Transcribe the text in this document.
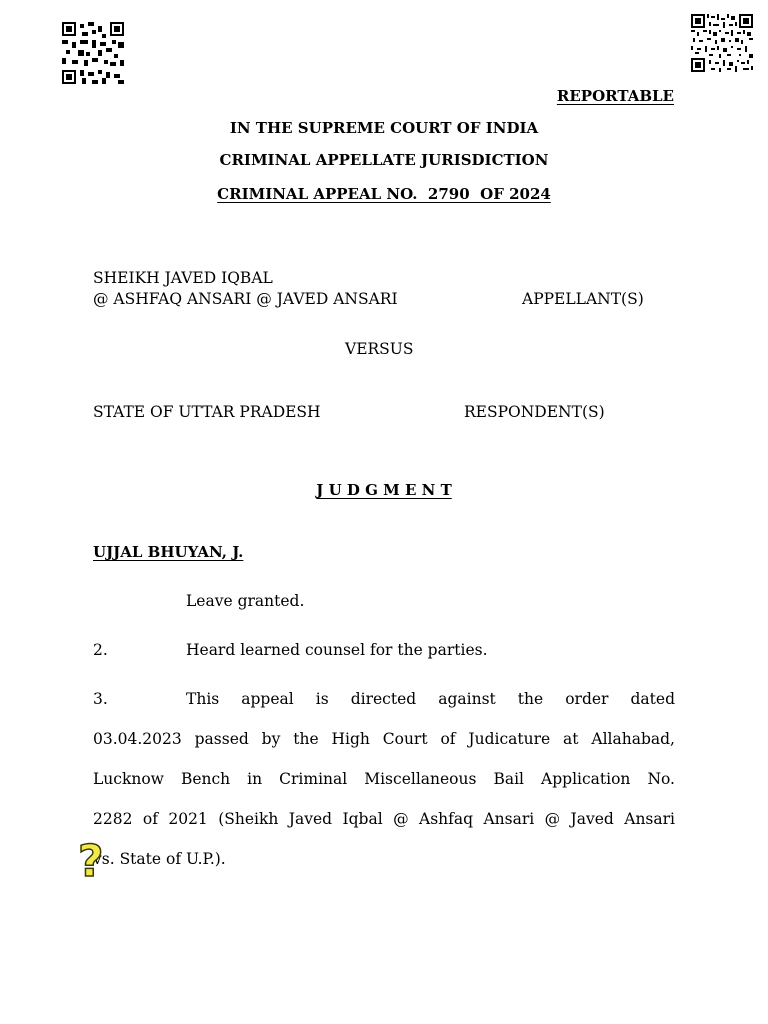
REPORTABLE
IN THE SUPREME COURT OF INDIA
CRIMINAL APPELLATE JURISDICTION
CRIMINAL APPEAL NO.  2790  OF 2024
SHEIKH JAVED IQBAL
@ ASHFAQ ANSARI @ JAVED ANSARI	APPELLANT(S)
VERSUS
STATE OF UTTAR PRADESH	RESPONDENT(S)
J U D G M E N T
UJJAL BHUYAN, J.
Leave granted.
2.	Heard learned counsel for the parties.
3.	This appeal is directed against the order dated
03.04.2023 passed by the High Court of Judicature at Allahabad,
Lucknow Bench in Criminal Miscellaneous Bail Application No.
2282 of 2021 (Sheikh Javed Iqbal @ Ashfaq Ansari @ Javed Ansari
vs. State of U.P.).
?
